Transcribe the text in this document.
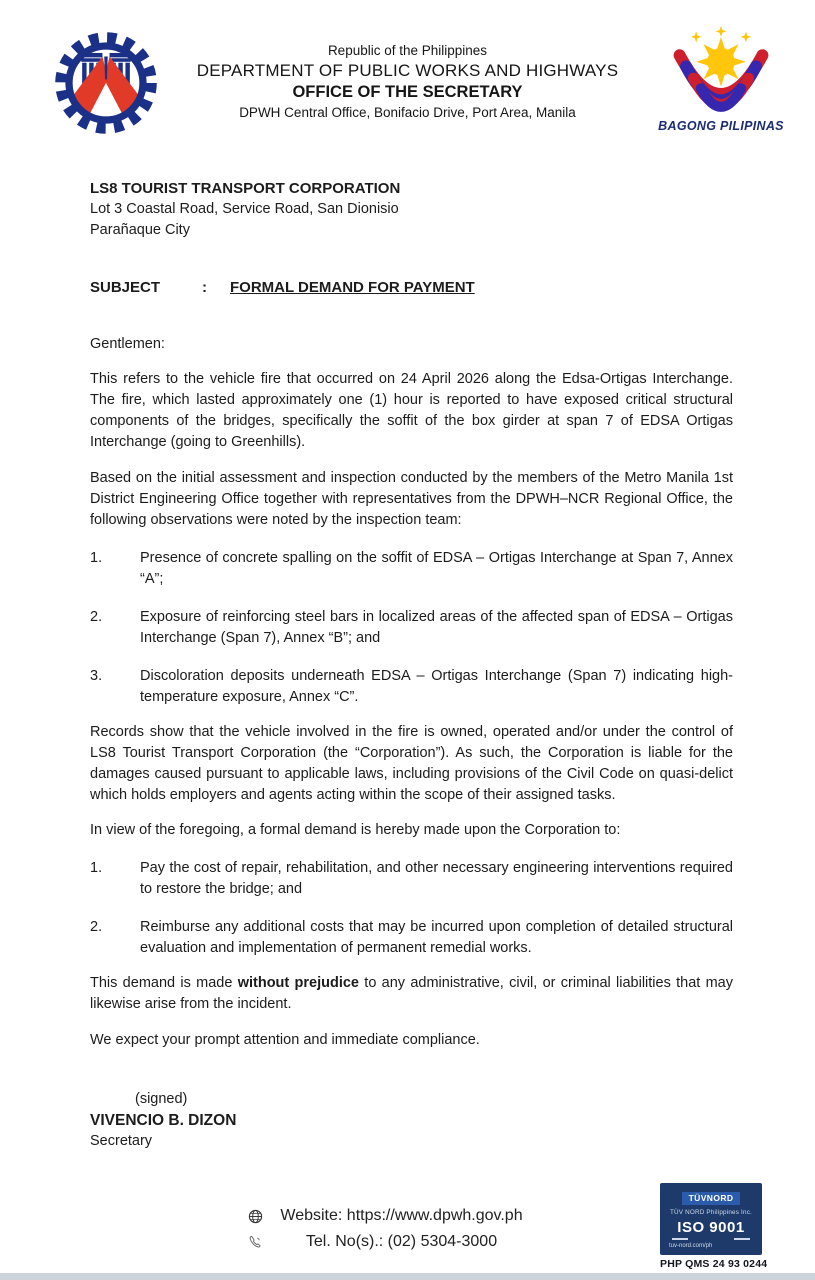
Republic of the Philippines
DEPARTMENT OF PUBLIC WORKS AND HIGHWAYS
OFFICE OF THE SECRETARY
DPWH Central Office, Bonifacio Drive, Port Area, Manila
BAGONG PILIPINAS
LS8 TOURIST TRANSPORT CORPORATION
Lot 3 Coastal Road, Service Road, San Dionisio
Parañaque City
SUBJECT	:	FORMAL DEMAND FOR PAYMENT
Gentlemen:

This refers to the vehicle fire that occurred on 24 April 2026 along the Edsa-Ortigas Interchange. The fire, which lasted approximately one (1) hour is reported to have exposed critical structural components of the bridges, specifically the soffit of the box girder at span 7 of EDSA Ortigas Interchange (going to Greenhills).

Based on the initial assessment and inspection conducted by the members of the Metro Manila 1st District Engineering Office together with representatives from the DPWH–NCR Regional Office, the following observations were noted by the inspection team:

1.	Presence of concrete spalling on the soffit of EDSA – Ortigas Interchange at Span 7, Annex “A”;
2.	Exposure of reinforcing steel bars in localized areas of the affected span of EDSA – Ortigas Interchange (Span 7), Annex “B”; and
3.	Discoloration deposits underneath EDSA – Ortigas Interchange (Span 7) indicating high-temperature exposure, Annex “C”.

Records show that the vehicle involved in the fire is owned, operated and/or under the control of LS8 Tourist Transport Corporation (the “Corporation”). As such, the Corporation is liable for the damages caused pursuant to applicable laws, including provisions of the Civil Code on quasi-delict which holds employers and agents acting within the scope of their assigned tasks.

In view of the foregoing, a formal demand is hereby made upon the Corporation to:

1.	Pay the cost of repair, rehabilitation, and other necessary engineering interventions required to restore the bridge; and
2.	Reimburse any additional costs that may be incurred upon completion of detailed structural evaluation and implementation of permanent remedial works.

This demand is made without prejudice to any administrative, civil, or criminal liabilities that may likewise arise from the incident.

We expect your prompt attention and immediate compliance.

(signed)
VIVENCIO B. DIZON
Secretary
Website: https://www.dpwh.gov.ph
Tel. No(s).: (02) 5304-3000
TÜVNORD
TÜV NORD Philippines Inc.
ISO 9001
tuv-nord.com/ph
PHP QMS 24 93 0244
